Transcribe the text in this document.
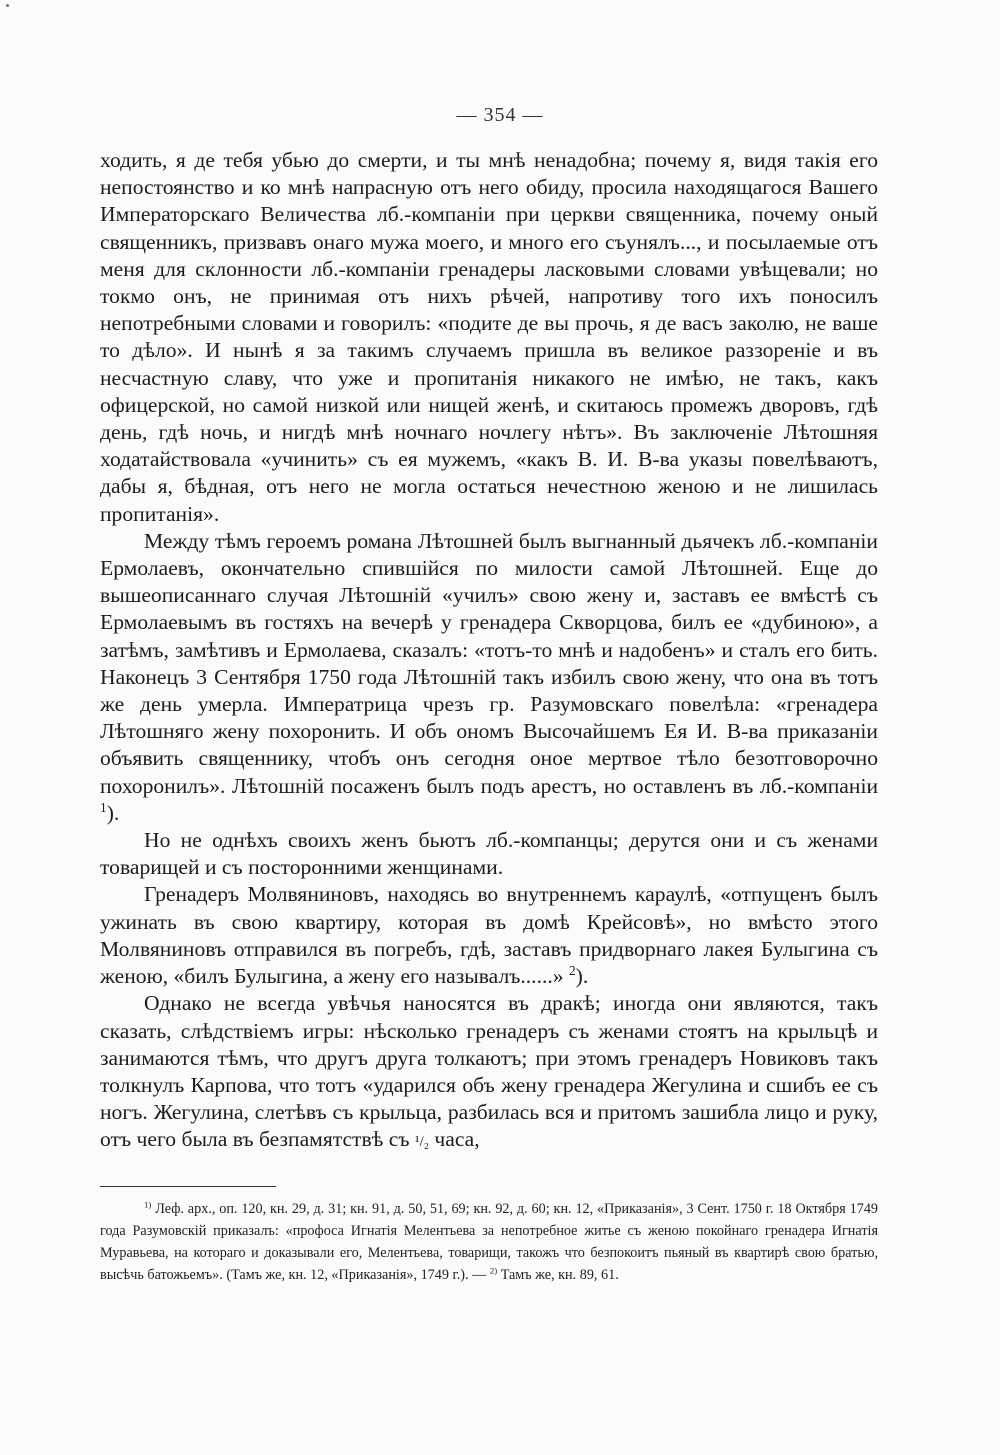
— 354 —

ходить, я де тебя убью до смерти, и ты мнѣ ненадобна; почему я, видя такія его непостоянство и ко мнѣ напрасную отъ него обиду, просила находящагося Вашего Императорскаго Величества лб.-компаніи при церкви священника, почему оный священникъ, призвавъ онаго мужа моего, и много его съунялъ..., и посылаемые отъ меня для склонности лб.-компаніи гренадеры ласковыми словами увѣщевали; но токмо онъ, не принимая отъ нихъ рѣчей, напротиву того ихъ поносилъ непотребными словами и говорилъ: «подите де вы прочь, я де васъ заколю, не ваше то дѣло». И нынѣ я за такимъ случаемъ пришла въ великое раззореніе и въ несчастную славу, что уже и пропитанія никакого не имѣю, не такъ, какъ офицерской, но самой низкой или нищей женѣ, и скитаюсь промежъ дворовъ, гдѣ день, гдѣ ночь, и нигдѣ мнѣ ночнаго ночлегу нѣтъ». Въ заключеніе Лѣтошняя ходатайствовала «учинить» съ ея мужемъ, «какъ В. И. В-ва указы повелѣваютъ, дабы я, бѣдная, отъ него не могла остаться нечестною женою и не лишилась пропитанія».

Между тѣмъ героемъ романа Лѣтошней былъ выгнанный дьячекъ лб.-компаніи Ермолаевъ, окончательно спившійся по милости самой Лѣтошней. Еще до вышеописаннаго случая Лѣтошній «училъ» свою жену и, заставъ ее вмѣстѣ съ Ермолаевымъ въ гостяхъ на вечерѣ у гренадера Скворцова, билъ ее «дубиною», а затѣмъ, замѣтивъ и Ермолаева, сказалъ: «тотъ-то мнѣ и надобенъ» и сталъ его бить. Наконецъ 3 Сентября 1750 года Лѣтошній такъ избилъ свою жену, что она въ тотъ же день умерла. Императрица чрезъ гр. Разумовскаго повелѣла: «гренадера Лѣтошняго жену похоронить. И объ ономъ Высочайшемъ Ея И. В-ва приказаніи объявить священнику, чтобъ онъ сегодня оное мертвое тѣло безотговорочно похоронилъ». Лѣтошній посаженъ былъ подъ арестъ, но оставленъ въ лб.-компаніи $^1$).

Но не однѣхъ своихъ женъ бьютъ лб.-компанцы; дерутся они и съ женами товарищей и съ посторонними женщинами.

Гренадеръ Молвяниновъ, находясь во внутреннемъ караулѣ, «отпущенъ былъ ужинать въ свою квартиру, которая въ домѣ Крейсовѣ», но вмѣсто этого Молвяниновъ отправился въ погребъ, гдѣ, заставъ придворнаго лакея Булыгина съ женою, «билъ Булыгина, а жену его называлъ......» $^2$).

Однако не всегда увѣчья наносятся въ дракѣ; иногда они являются, такъ сказать, слѣдствіемъ игры: нѣсколько гренадеръ съ женами стоятъ на крыльцѣ и занимаются тѣмъ, что другъ друга толкаютъ; при этомъ гренадеръ Новиковъ такъ толкнулъ Карпова, что тотъ «ударился объ жену гренадера Жегулина и сшибъ ее съ ногъ. Жегулина, слетѣвъ съ крыльца, разбилась вся и притомъ зашибла лицо и руку, отъ чего была въ безпамятствѣ съ ¹/₂ часа,

$^{1)}$ Леф. арх., оп. 120, кн. 29, д. 31; кн. 91, д. 50, 51, 69; кн. 92, д. 60; кн. 12, «Приказанія», 3 Сент. 1750 г. 18 Октября 1749 года Разумовскій приказалъ: «профоса Игнатія Мелентьева за непотребное житье съ женою покойнаго гренадера Игнатія Муравьева, на котораго и доказывали его, Мелентьева, товарищи, такожъ что безпокоитъ пьяный въ квартирѣ свою братью, высѣчь батожьемъ». (Тамъ же, кн. 12, «Приказанія», 1749 г.). — $^{2)}$ Тамъ же, кн. 89, 61.
